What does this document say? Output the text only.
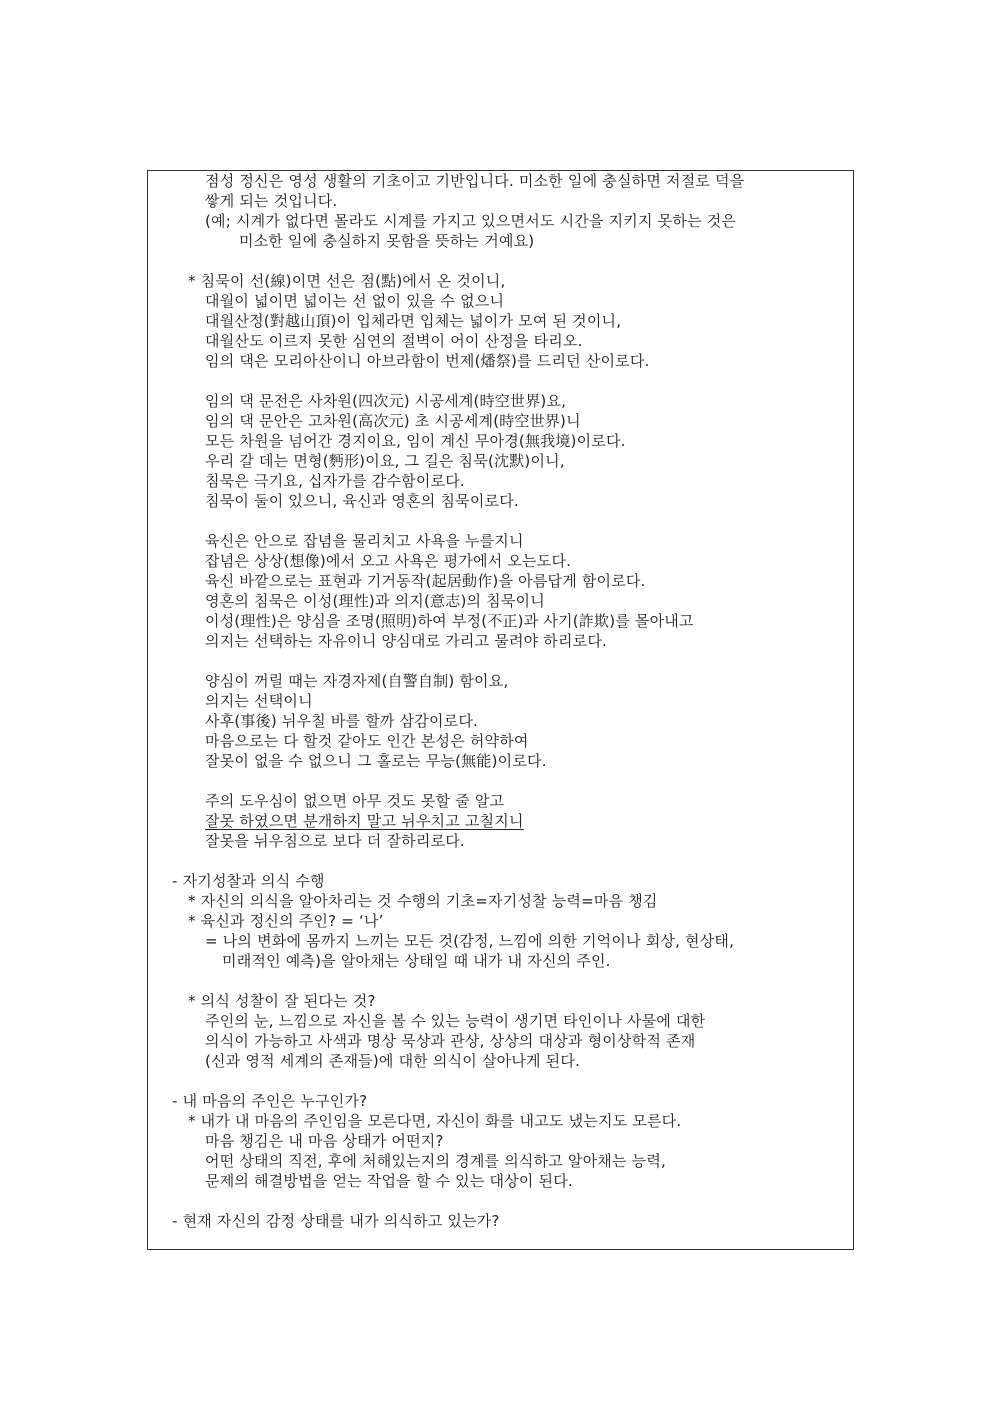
점성 정신은 영성 생활의 기초이고 기반입니다. 미소한 일에 충실하면 저절로 덕을
쌓게 되는 것입니다.
(예; 시계가 없다면 몰라도 시계를 가지고 있으면서도 시간을 지키지 못하는 것은
미소한 일에 충실하지 못함을 뜻하는 거예요)
* 침묵이 선(線)이면 선은 점(點)에서 온 것이니,
대월이 넓이면 넓이는 선 없이 있을 수 없으니
대월산정(對越山頂)이 입체라면 입체는 넓이가 모여 된 것이니,
대월산도 이르지 못한 심연의 절벽이 어이 산정을 타리오.
임의 댁은 모리아산이니 아브라함이 번제(燔祭)를 드리던 산이로다.
임의 댁 문전은 사차원(四次元) 시공세계(時空世界)요,
임의 댁 문안은 고차원(高次元) 초 시공세계(時空世界)니
모든 차원을 넘어간 경지이요, 임이 계신 무아경(無我境)이로다.
우리 갈 데는 면형(麪形)이요, 그 길은 침묵(沈默)이니,
침묵은 극기요, 십자가를 감수함이로다.
침묵이 둘이 있으니, 육신과 영혼의 침묵이로다.
육신은 안으로 잡념을 물리치고 사욕을 누를지니
잡념은 상상(想像)에서 오고 사욕은 평가에서 오는도다.
육신 바깥으로는 표현과 기거동작(起居動作)을 아름답게 함이로다.
영혼의 침묵은 이성(理性)과 의지(意志)의 침묵이니
이성(理性)은 양심을 조명(照明)하여 부정(不正)과 사기(詐欺)를 몰아내고
의지는 선택하는 자유이니 양심대로 가리고 물려야 하리로다.
양심이 꺼릴 때는 자경자제(自警自制) 함이요,
의지는 선택이니
사후(事後) 뉘우칠 바를 할까 삼감이로다.
마음으로는 다 할것 같아도 인간 본성은 허약하여
잘못이 없을 수 없으니 그 홀로는 무능(無能)이로다.
주의 도우심이 없으면 아무 것도 못할 줄 알고
잘못 하였으면 분개하지 말고 뉘우치고 고칠지니
잘못을 뉘우침으로 보다 더 잘하리로다.
- 자기성찰과 의식 수행
* 자신의 의식을 알아차리는 것 수행의 기초=자기성찰 능력=마음 챙김
* 육신과 정신의 주인? = ‘나’
= 나의 변화에 몸까지 느끼는 모든 것(감정, 느낌에 의한 기억이나 회상, 현상태,
미래적인 예측)을 알아채는 상태일 때 내가 내 자신의 주인.
* 의식 성찰이 잘 된다는 것?
주인의 눈, 느낌으로 자신을 볼 수 있는 능력이 생기면 타인이나 사물에 대한
의식이 가능하고 사색과 명상 묵상과 관상, 상상의 대상과 형이상학적 존재
(신과 영적 세계의 존재들)에 대한 의식이 살아나게 된다.
- 내 마음의 주인은 누구인가?
* 내가 내 마음의 주인임을 모른다면, 자신이 화를 내고도 냈는지도 모른다.
마음 챙김은 내 마음 상태가 어떤지?
어떤 상태의 직전, 후에 처해있는지의 경계를 의식하고 알아채는 능력,
문제의 해결방법을 얻는 작업을 할 수 있는 대상이 된다.
- 현재 자신의 감정 상태를 내가 의식하고 있는가?
